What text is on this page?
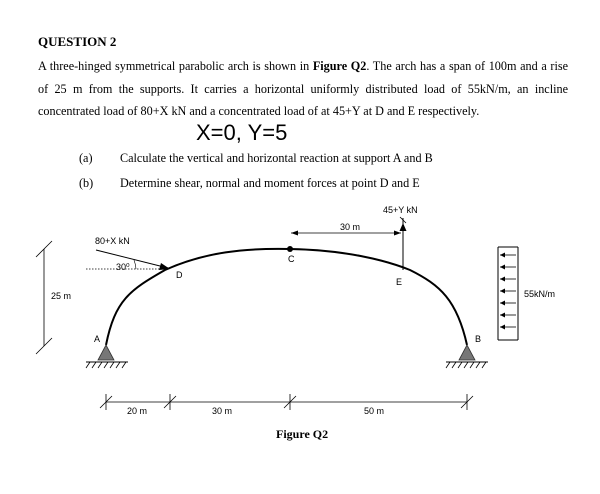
QUESTION 2
A three-hinged symmetrical parabolic arch is shown in Figure Q2. The arch has a span of 100m and a rise of 25 m from the supports. It carries a horizontal uniformly distributed load of 55kN/m, an incline concentrated load of 80+X kN and a concentrated load of at 45+Y at D and E respectively.
X=0, Y=5
(a) Calculate the vertical and horizontal reaction at support A and B
(b) Determine shear, normal and moment forces at point D and E
45+Y kN
30 m
80+X kN
30⁰
D
C
E
A	B
25 m	55kN/m
20 m	30 m	50 m
Figure Q2
